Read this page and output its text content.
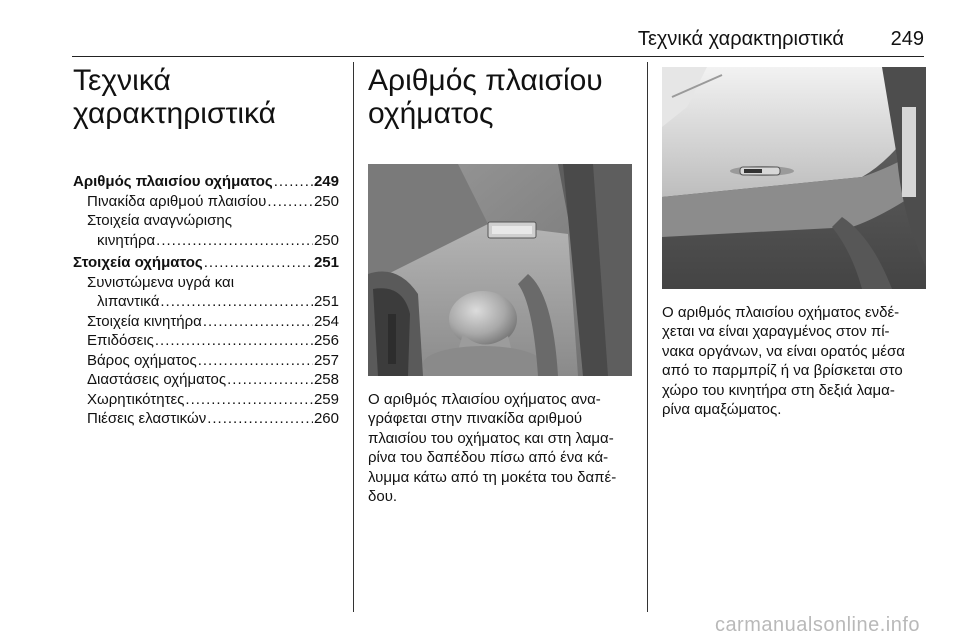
Τεχνικά χαρακτηριστικά 249
Τεχνικά
χαρακτηριστικά
Αριθμός πλαισίου οχήματος .....	249
Πινακίδα αριθμού πλαισίου .....	250
Στοιχεία αναγνώρισης
κινητήρα .....	250
Στοιχεία οχήματος .....	251
Συνιστώμενα υγρά και
λιπαντικά .....	251
Στοιχεία κινητήρα .....	254
Επιδόσεις .....	256
Βάρος οχήματος .....	257
Διαστάσεις οχήματος .....	258
Χωρητικότητες .....	259
Πιέσεις ελαστικών .....	260
Αριθμός πλαισίου
οχήματος
Ο αριθμός πλαισίου οχήματος ανα-
γράφεται στην πινακίδα αριθμού
πλαισίου του οχήματος και στη λαμα-
ρίνα του δαπέδου πίσω από ένα κά-
λυμμα κάτω από τη μοκέτα του δαπέ-
δου.
Ο αριθμός πλαισίου οχήματος ενδέ-
χεται να είναι χαραγμένος στον πί-
νακα οργάνων, να είναι ορατός μέσα
από το παρμπρίζ ή να βρίσκεται στο
χώρο του κινητήρα στη δεξιά λαμα-
ρίνα αμαξώματος.
carmanualsonline.info
